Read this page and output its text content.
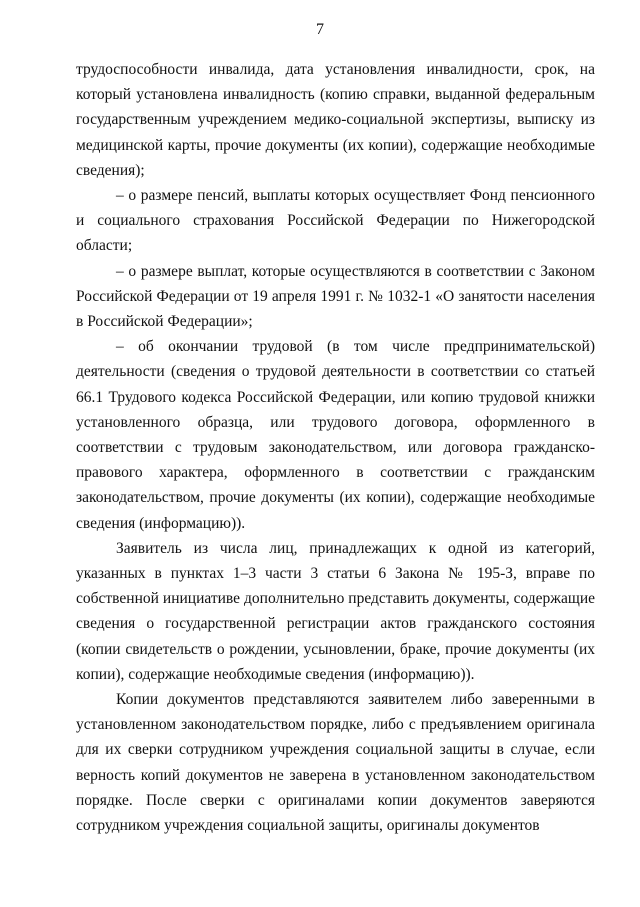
7

трудоспособности инвалида, дата установления инвалидности, срок, на который установлена инвалидность (копию справки, выданной федеральным государственным учреждением медико-социальной экспертизы, выписку из медицинской карты, прочие документы (их копии), содержащие необходимые сведения);

– о размере пенсий, выплаты которых осуществляет Фонд пенсионного и социального страхования Российской Федерации по Нижегородской области;

– о размере выплат, которые осуществляются в соответствии с Законом Российской Федерации от 19 апреля 1991 г. № 1032-1 «О занятости населения в Российской Федерации»;

– об окончании трудовой (в том числе предпринимательской) деятельности (сведения о трудовой деятельности в соответствии со статьей 66.1 Трудового кодекса Российской Федерации, или копию трудовой книжки установленного образца, или трудового договора, оформленного в соответствии с трудовым законодательством, или договора гражданско-правового характера, оформленного в соответствии с гражданским законодательством, прочие документы (их копии), содержащие необходимые сведения (информацию)).

Заявитель из числа лиц, принадлежащих к одной из категорий, указанных в пунктах 1–3 части 3 статьи 6 Закона № 195-З, вправе по собственной инициативе дополнительно представить документы, содержащие сведения о государственной регистрации актов гражданского состояния (копии свидетельств о рождении, усыновлении, браке, прочие документы (их копии), содержащие необходимые сведения (информацию)).

Копии документов представляются заявителем либо заверенными в установленном законодательством порядке, либо с предъявлением оригинала для их сверки сотрудником учреждения социальной защиты в случае, если верность копий документов не заверена в установленном законодательством порядке. После сверки с оригиналами копии документов заверяются сотрудником учреждения социальной защиты, оригиналы документов
